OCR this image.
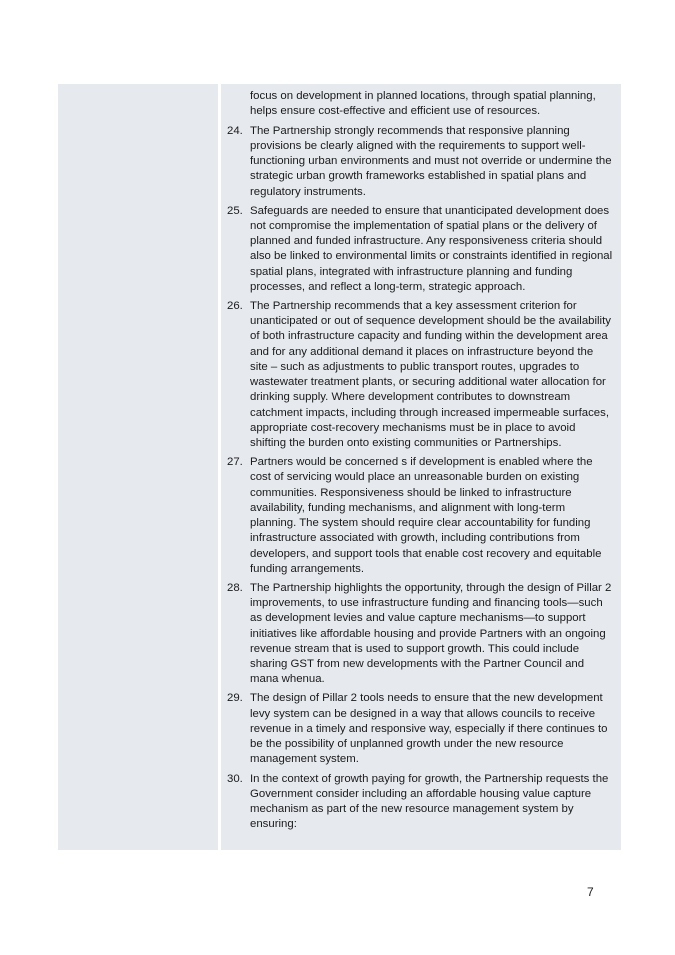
focus on development in planned locations, through spatial planning, helps ensure cost-effective and efficient use of resources.

24. The Partnership strongly recommends that responsive planning provisions be clearly aligned with the requirements to support well-functioning urban environments and must not override or undermine the strategic urban growth frameworks established in spatial plans and regulatory instruments.
25. Safeguards are needed to ensure that unanticipated development does not compromise the implementation of spatial plans or the delivery of planned and funded infrastructure. Any responsiveness criteria should also be linked to environmental limits or constraints identified in regional spatial plans, integrated with infrastructure planning and funding processes, and reflect a long-term, strategic approach.
26. The Partnership recommends that a key assessment criterion for unanticipated or out of sequence development should be the availability of both infrastructure capacity and funding within the development area and for any additional demand it places on infrastructure beyond the site – such as adjustments to public transport routes, upgrades to wastewater treatment plants, or securing additional water allocation for drinking supply. Where development contributes to downstream catchment impacts, including through increased impermeable surfaces, appropriate cost-recovery mechanisms must be in place to avoid shifting the burden onto existing communities or Partnerships.
27. Partners would be concerned s if development is enabled where the cost of servicing would place an unreasonable burden on existing communities. Responsiveness should be linked to infrastructure availability, funding mechanisms, and alignment with long-term planning. The system should require clear accountability for funding infrastructure associated with growth, including contributions from developers, and support tools that enable cost recovery and equitable funding arrangements.
28. The Partnership highlights the opportunity, through the design of Pillar 2 improvements, to use infrastructure funding and financing tools—such as development levies and value capture mechanisms—to support initiatives like affordable housing and provide Partners with an ongoing revenue stream that is used to support growth. This could include sharing GST from new developments with the Partner Council and mana whenua.
29. The design of Pillar 2 tools needs to ensure that the new development levy system can be designed in a way that allows councils to receive revenue in a timely and responsive way, especially if there continues to be the possibility of unplanned growth under the new resource management system.
30. In the context of growth paying for growth, the Partnership requests the Government consider including an affordable housing value capture mechanism as part of the new resource management system by ensuring:
7
